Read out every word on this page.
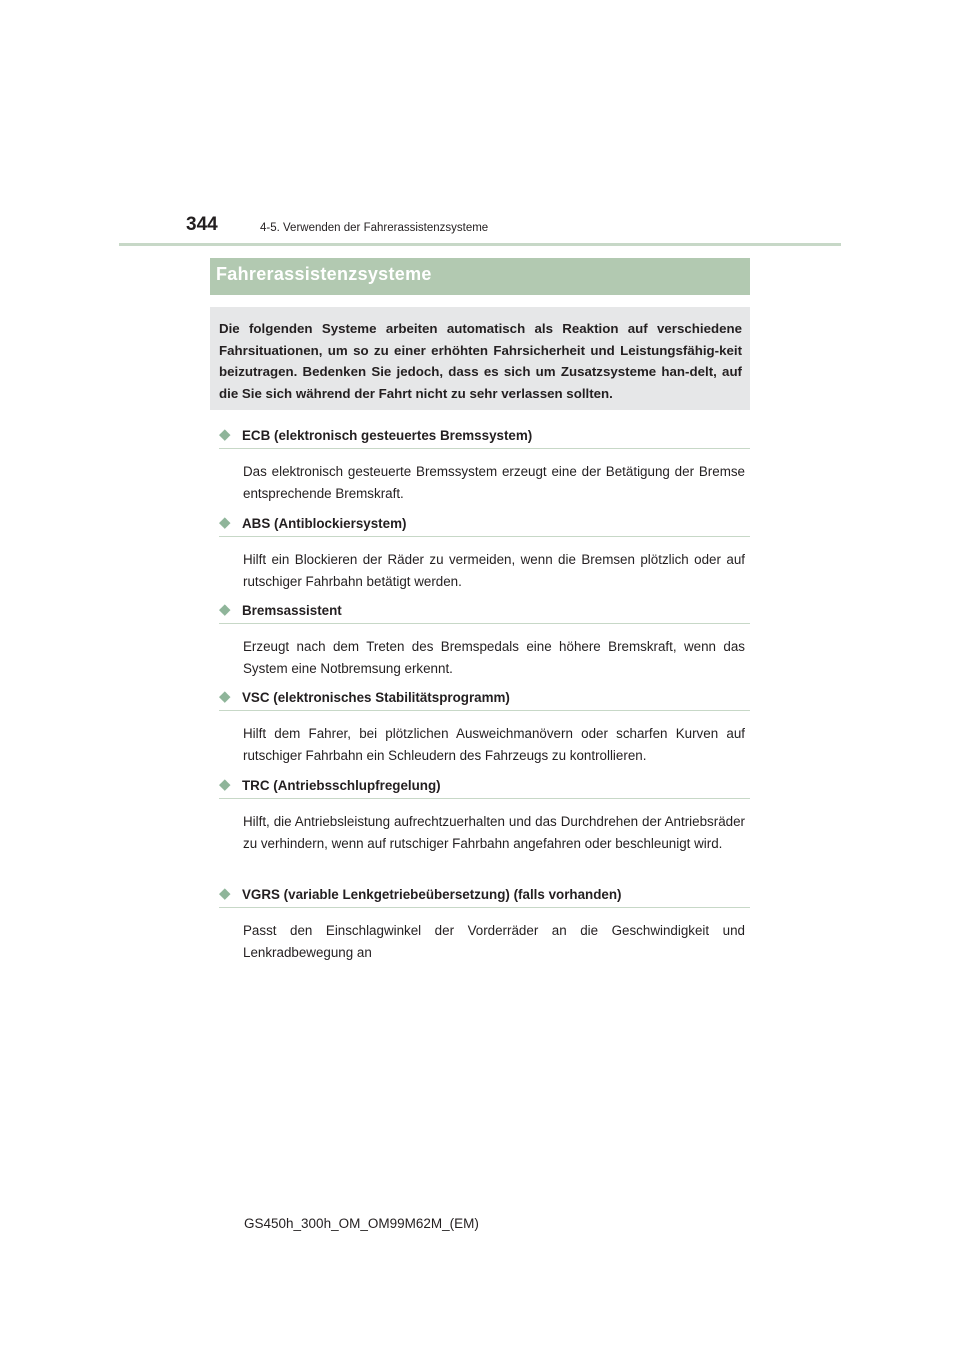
344	4-5. Verwenden der Fahrerassistenzsysteme
Fahrerassistenzsysteme

Die folgenden Systeme arbeiten automatisch als Reaktion auf verschiedene Fahrsituationen, um so zu einer erhöhten Fahrsicherheit und Leistungsfähig-keit beizutragen. Bedenken Sie jedoch, dass es sich um Zusatzsysteme han-delt, auf die Sie sich während der Fahrt nicht zu sehr verlassen sollten.

◆ ECB (elektronisch gesteuertes Bremssystem)
Das elektronisch gesteuerte Bremssystem erzeugt eine der Betätigung der Bremse entsprechende Bremskraft.
◆ ABS (Antiblockiersystem)
Hilft ein Blockieren der Räder zu vermeiden, wenn die Bremsen plötzlich oder auf rutschiger Fahrbahn betätigt werden.
◆ Bremsassistent
Erzeugt nach dem Treten des Bremspedals eine höhere Bremskraft, wenn das System eine Notbremsung erkennt.
◆ VSC (elektronisches Stabilitätsprogramm)
Hilft dem Fahrer, bei plötzlichen Ausweichmanövern oder scharfen Kurven auf rutschiger Fahrbahn ein Schleudern des Fahrzeugs zu kontrollieren.
◆ TRC (Antriebsschlupfregelung)
Hilft, die Antriebsleistung aufrechtzuerhalten und das Durchdrehen der Antriebsräder zu verhindern, wenn auf rutschiger Fahrbahn angefahren oder beschleunigt wird.
◆ VGRS (variable Lenkgetriebeübersetzung) (falls vorhanden)
Passt den Einschlagwinkel der Vorderräder an die Geschwindigkeit und Lenkradbewegung an
GS450h_300h_OM_OM99M62M_(EM)
